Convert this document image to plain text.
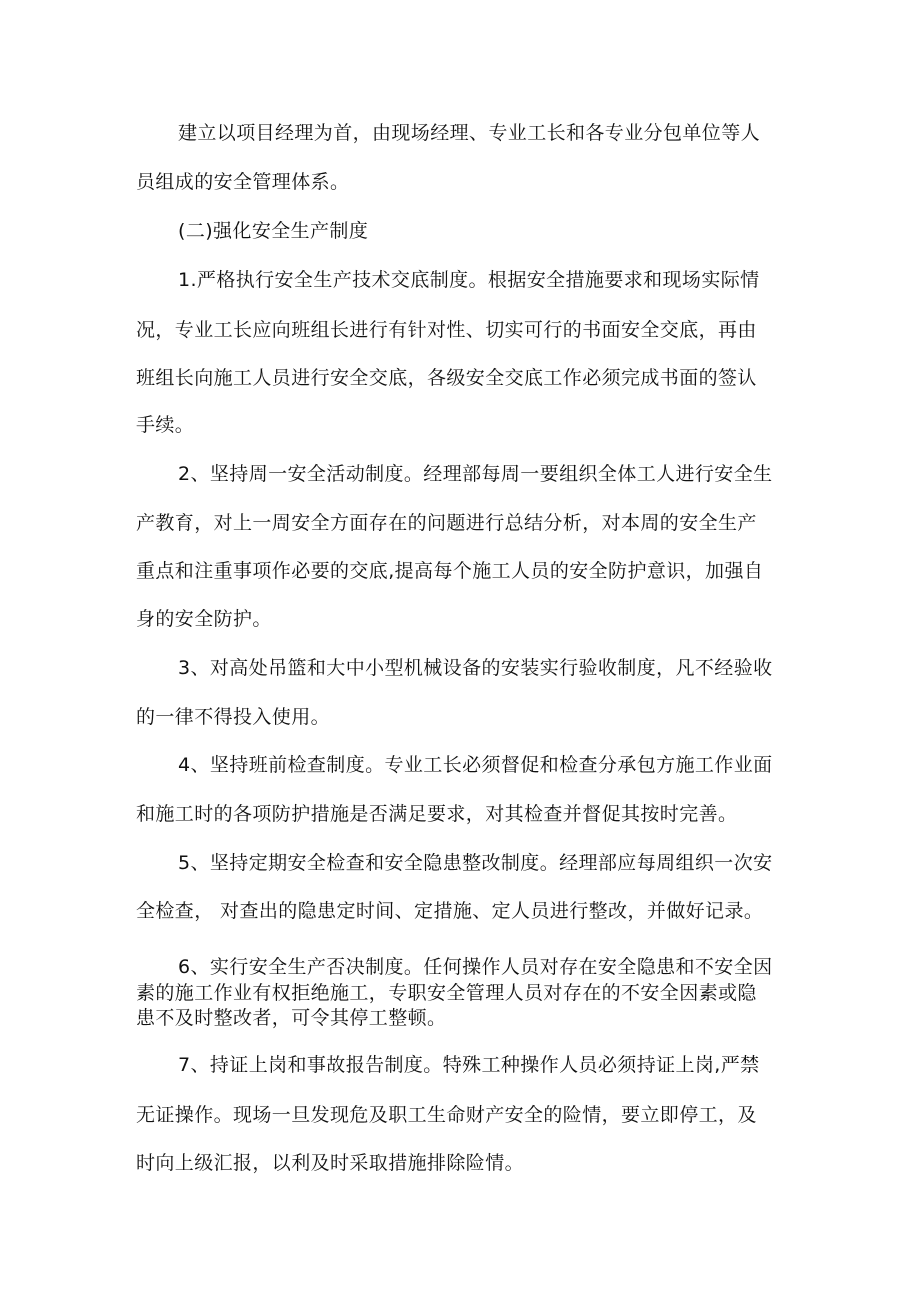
建立以项目经理为首，由现场经理、专业工长和各专业分包单位等人
员组成的安全管理体系。
(二)强化安全生产制度
1.严格执行安全生产技术交底制度。根据安全措施要求和现场实际情
况，专业工长应向班组长进行有针对性、切实可行的书面安全交底，再由
班组长向施工人员进行安全交底，各级安全交底工作必须完成书面的签认
手续。
2、坚持周一安全活动制度。经理部每周一要组织全体工人进行安全生
产教育，对上一周安全方面存在的问题进行总结分析，对本周的安全生产
重点和注重事项作必要的交底,提高每个施工人员的安全防护意识，加强自
身的安全防护。
3、对高处吊篮和大中小型机械设备的安装实行验收制度，凡不经验收
的一律不得投入使用。
4、坚持班前检查制度。专业工长必须督促和检查分承包方施工作业面
和施工时的各项防护措施是否满足要求，对其检查并督促其按时完善。
5、坚持定期安全检查和安全隐患整改制度。经理部应每周组织一次安
全检查， 对查出的隐患定时间、定措施、定人员进行整改，并做好记录。
6、实行安全生产否决制度。任何操作人员对存在安全隐患和不安全因
素的施工作业有权拒绝施工，专职安全管理人员对存在的不安全因素或隐
患不及时整改者，可令其停工整顿。
7、持证上岗和事故报告制度。特殊工种操作人员必须持证上岗,严禁
无证操作。现场一旦发现危及职工生命财产安全的险情，要立即停工，及
时向上级汇报，以利及时采取措施排除险情。
